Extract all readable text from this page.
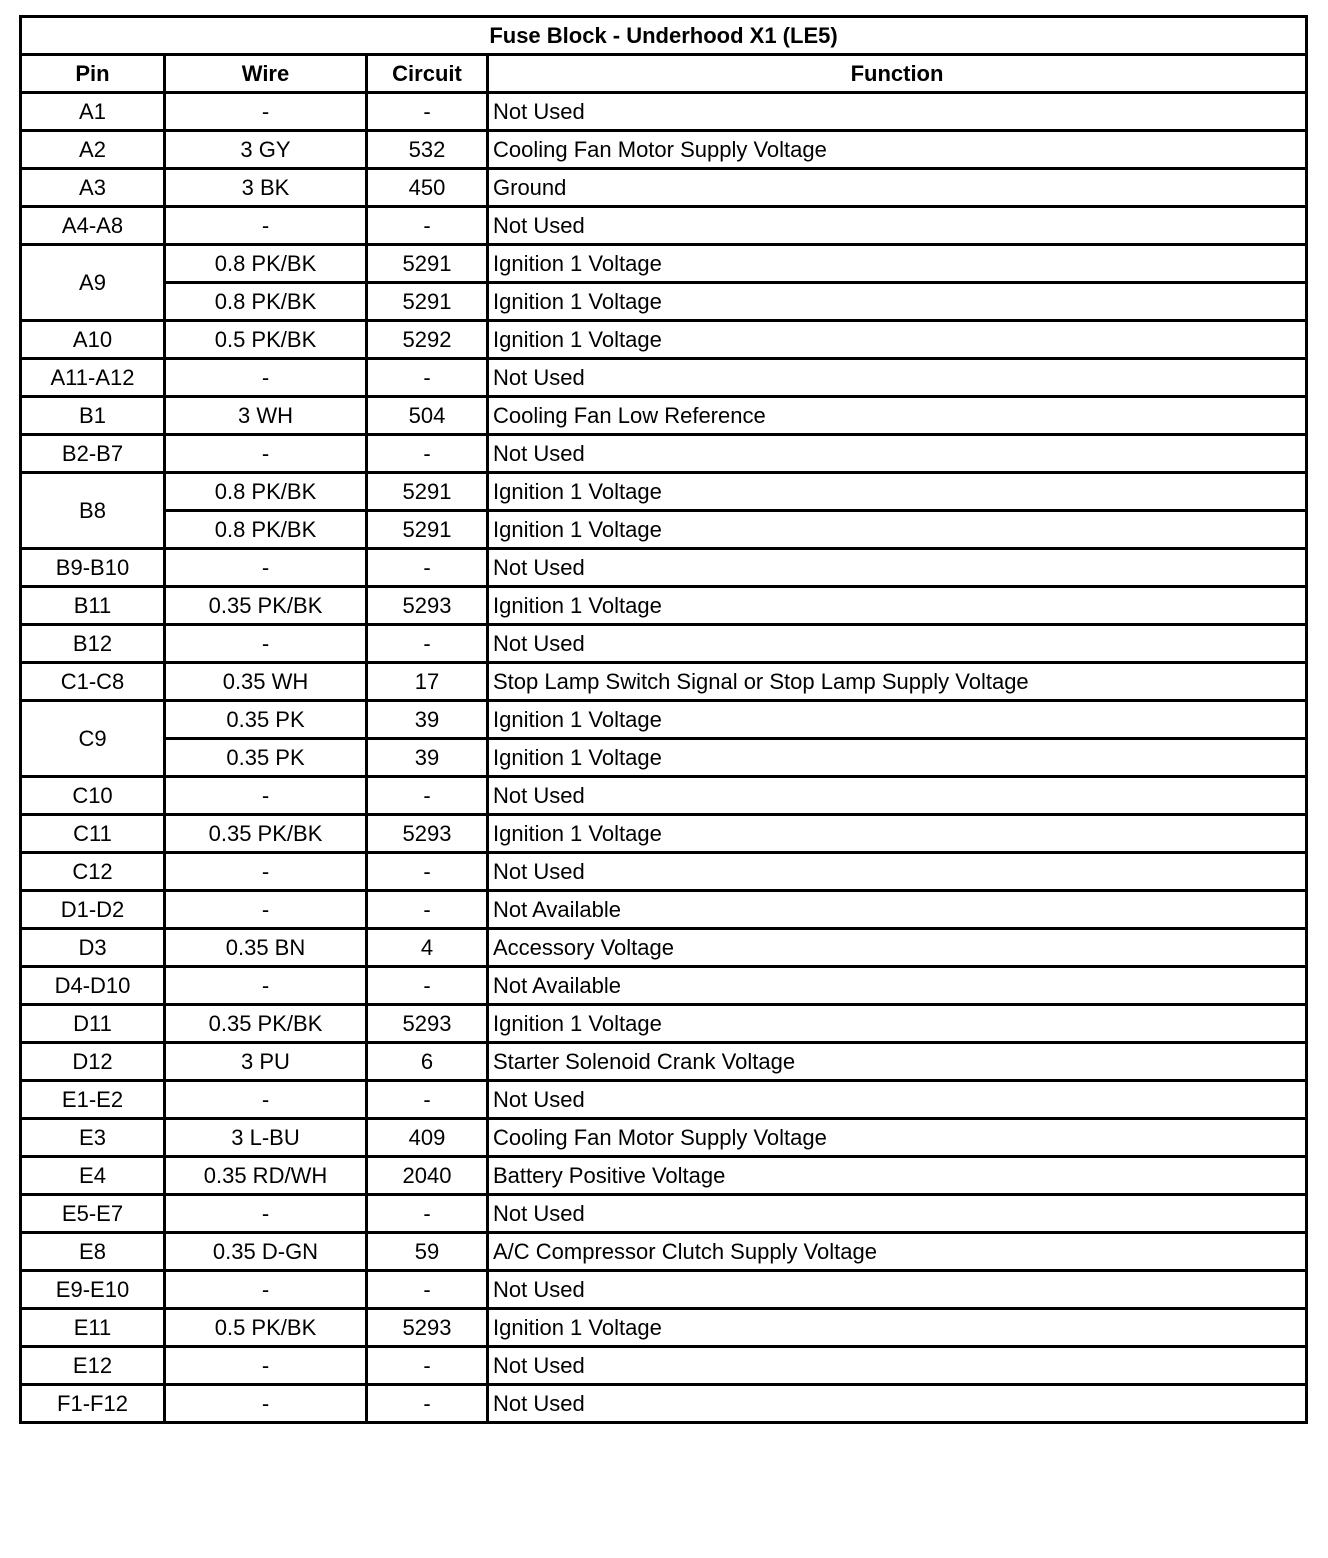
Fuse Block - Underhood X1 (LE5)			
Pin	Wire	Circuit	Function
A1	-	-	Not Used
A2	3 GY	532	Cooling Fan Motor Supply Voltage
A3	3 BK	450	Ground
A4-A8	-	-	Not Used
A9	0.8 PK/BK	5291	Ignition 1 Voltage
	0.8 PK/BK	5291	Ignition 1 Voltage
A10	0.5 PK/BK	5292	Ignition 1 Voltage
A11-A12	-	-	Not Used
B1	3 WH	504	Cooling Fan Low Reference
B2-B7	-	-	Not Used
B8	0.8 PK/BK	5291	Ignition 1 Voltage
	0.8 PK/BK	5291	Ignition 1 Voltage
B9-B10	-	-	Not Used
B11	0.35 PK/BK	5293	Ignition 1 Voltage
B12	-	-	Not Used
C1-C8	0.35 WH	17	Stop Lamp Switch Signal or Stop Lamp Supply Voltage
C9	0.35 PK	39	Ignition 1 Voltage
	0.35 PK	39	Ignition 1 Voltage
C10	-	-	Not Used
C11	0.35 PK/BK	5293	Ignition 1 Voltage
C12	-	-	Not Used
D1-D2	-	-	Not Available
D3	0.35 BN	4	Accessory Voltage
D4-D10	-	-	Not Available
D11	0.35 PK/BK	5293	Ignition 1 Voltage
D12	3 PU	6	Starter Solenoid Crank Voltage
E1-E2	-	-	Not Used
E3	3 L-BU	409	Cooling Fan Motor Supply Voltage
E4	0.35 RD/WH	2040	Battery Positive Voltage
E5-E7	-	-	Not Used
E8	0.35 D-GN	59	A/C Compressor Clutch Supply Voltage
E9-E10	-	-	Not Used
E11	0.5 PK/BK	5293	Ignition 1 Voltage
E12	-	-	Not Used
F1-F12	-	-	Not Used
